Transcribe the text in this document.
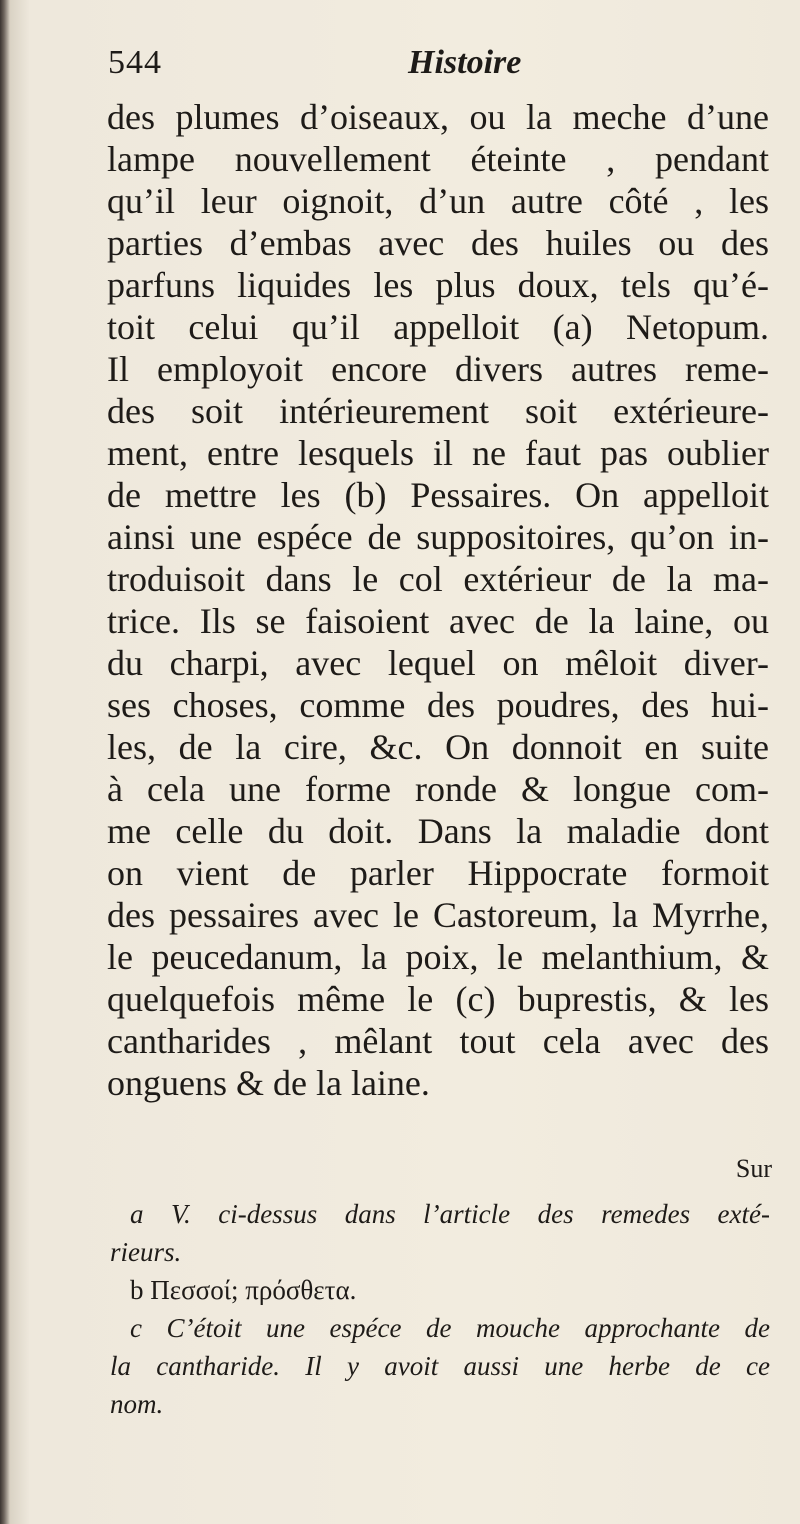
544	Histoire
des plumes d’oiseaux, ou la meche d’une
lampe nouvellement éteinte , pendant
qu’il leur oignoit, d’un autre côté , les
parties d’embas avec des huiles ou des
parfuns liquides les plus doux, tels qu’é-
toit celui qu’il appelloit (a) Netopum.
Il employoit encore divers autres reme-
des soit intérieurement soit extérieure-
ment, entre lesquels il ne faut pas oublier
de mettre les (b) Pessaires. On appelloit
ainsi une espéce de suppositoires, qu’on in-
troduisoit dans le col extérieur de la ma-
trice. Ils se faisoient avec de la laine, ou
du charpi, avec lequel on mêloit diver-
ses choses, comme des poudres, des hui-
les, de la cire, &c. On donnoit en suite
à cela une forme ronde & longue com-
me celle du doit. Dans la maladie dont
on vient de parler Hippocrate formoit
des pessaires avec le Castoreum, la Myrrhe,
le peucedanum, la poix, le melanthium, &
quelquefois même le (c) buprestis, & les
cantharides , mêlant tout cela avec des
onguens & de la laine.
Sur
a V. ci-dessus dans l’article des remedes exté-
rieurs.
b Πεσσοί; πρόσθετα.
c C’étoit une espéce de mouche approchante de
la cantharide. Il y avoit aussi une herbe de ce
nom.
